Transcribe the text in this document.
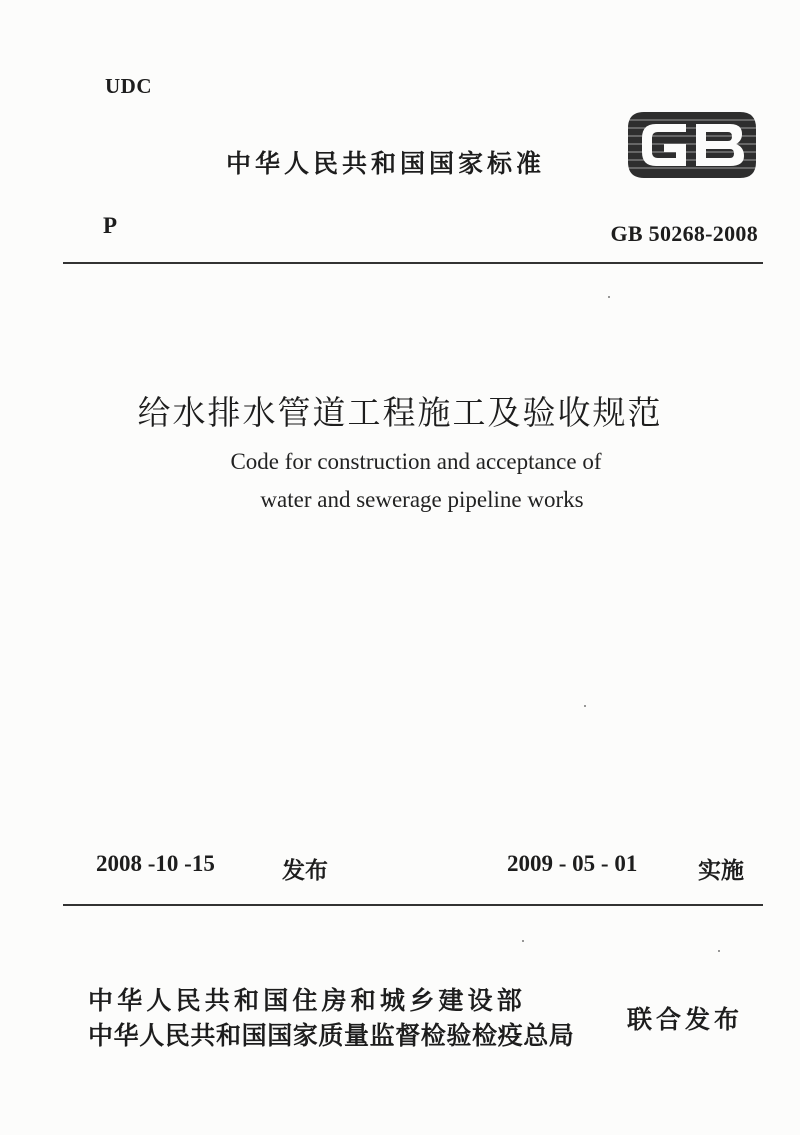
UDC
中华人民共和国国家标准
P	GB 50268-2008
给水排水管道工程施工及验收规范
Code for construction and acceptance of
water and sewerage pipeline works
2008 -10 -15	发布	2009 - 05 - 01	实施
中华人民共和国住房和城乡建设部
中华人民共和国国家质量监督检验检疫总局
联合发布
